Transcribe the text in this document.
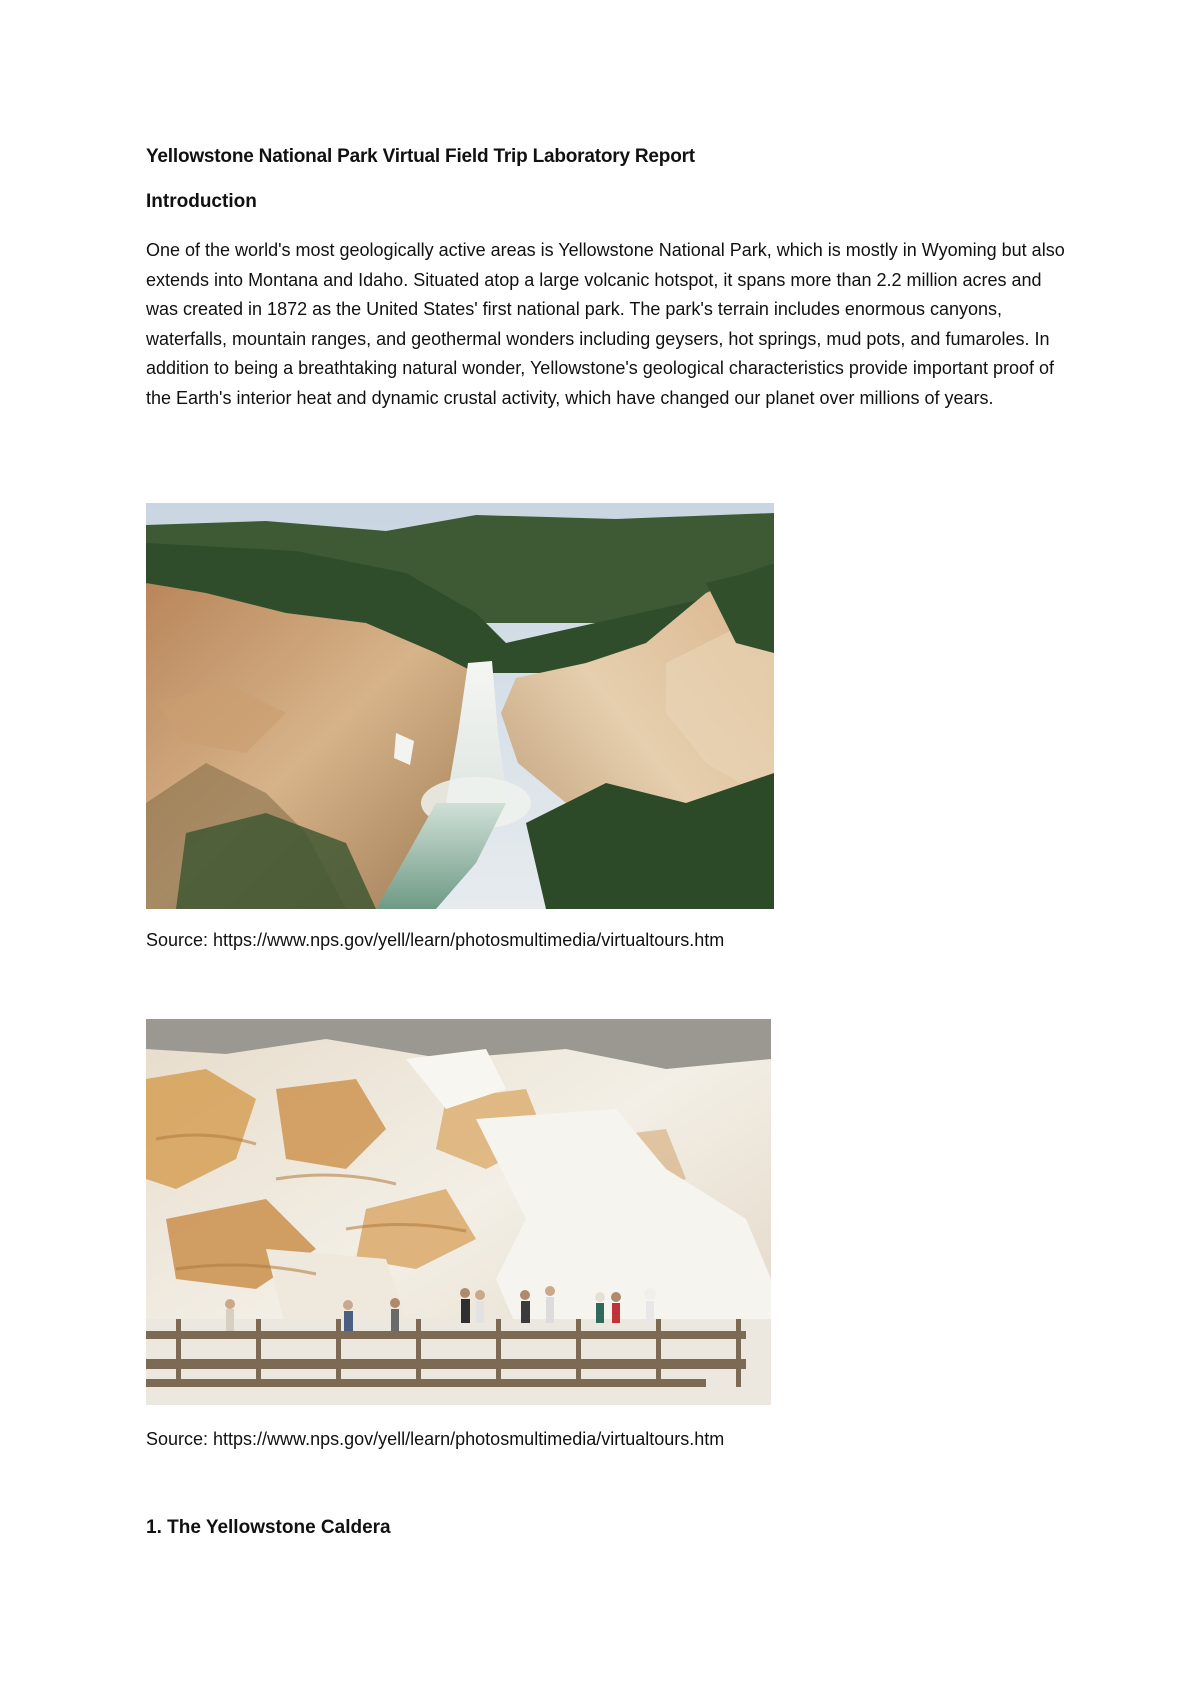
Yellowstone National Park Virtual Field Trip Laboratory Report
Introduction

One of the world's most geologically active areas is Yellowstone National Park, which is mostly in Wyoming but also extends into Montana and Idaho. Situated atop a large volcanic hotspot, it spans more than 2.2 million acres and was created in 1872 as the United States' first national park. The park's terrain includes enormous canyons, waterfalls, mountain ranges, and geothermal wonders including geysers, hot springs, mud pots, and fumaroles. In addition to being a breathtaking natural wonder, Yellowstone's geological characteristics provide important proof of the Earth's interior heat and dynamic crustal activity, which have changed our planet over millions of years.

Source: https://www.nps.gov/yell/learn/photosmultimedia/virtualtours.htm
Source: https://www.nps.gov/yell/learn/photosmultimedia/virtualtours.htm
1. The Yellowstone Caldera
